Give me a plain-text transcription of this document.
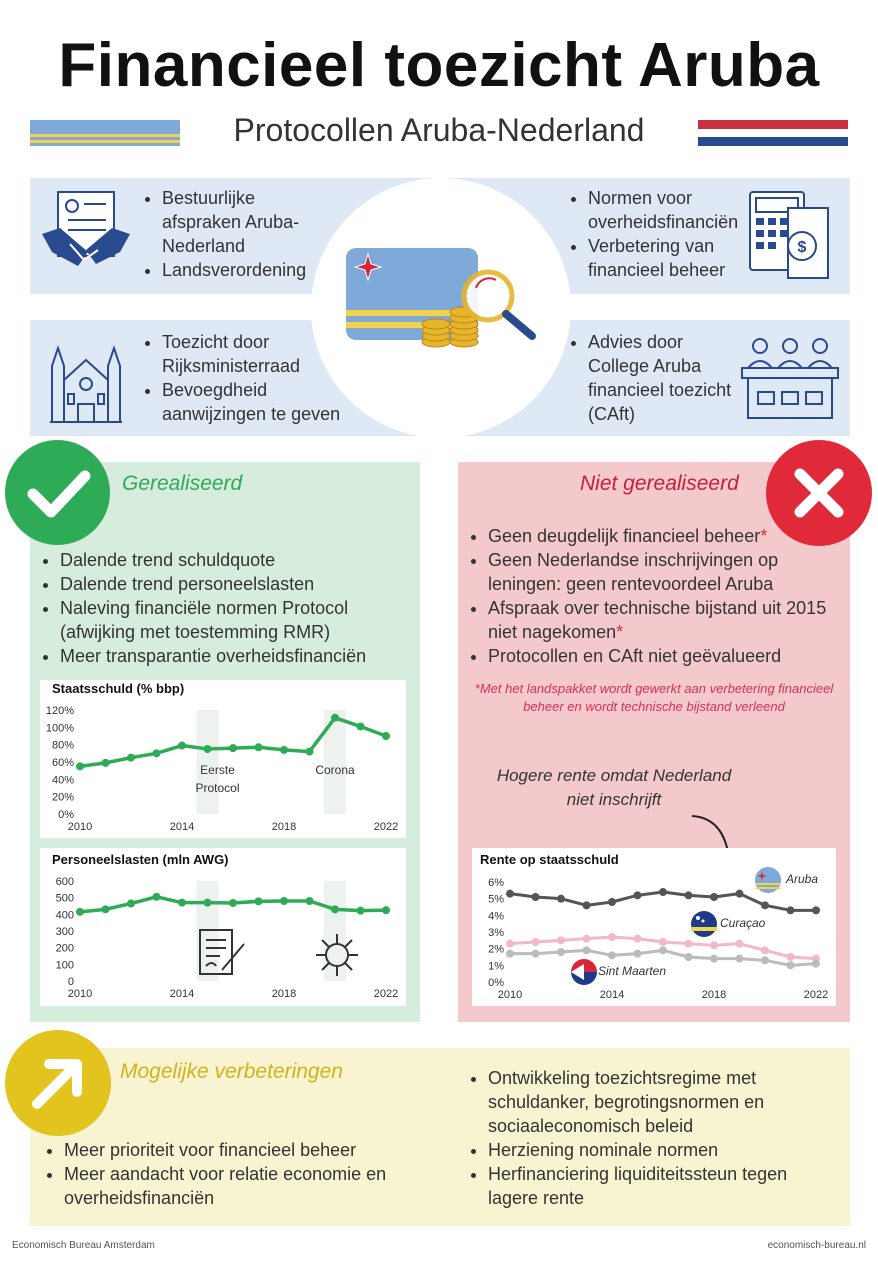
Financieel toezicht Aruba
Protocollen Aruba-Nederland
• Bestuurlijke afspraken Aruba-Nederland
• Landsverordening
$
• Normen voor overheidsfinanciën
• Verbetering van financieel beheer
• Toezicht door Rijksministerraad
• Bevoegdheid aanwijzingen te geven
• Advies door College Aruba financieel toezicht (CAft)
Gerealiseerd
• Dalende trend schuldquote
• Dalende trend personeelslasten
• Naleving financiële normen Protocol (afwijking met toestemming RMR)
• Meer transparantie overheidsfinanciën
Staatsschuld (% bbp)
0%
20%
40%
60%
80%
100%
120%
2010	2014	2018	2022
Eerste
Protocol
Corona
Personeelslasten (mln AWG)
0
100
200
300
400
500
600
2010	2014	2018	2022
Niet gerealiseerd
• Geen deugdelijk financieel beheer*
• Geen Nederlandse inschrijvingen op leningen: geen rentevoordeel Aruba
• Afspraak over technische bijstand uit 2015 niet nagekomen*
• Protocollen en CAft niet geëvalueerd
*Met het landspakket wordt gewerkt aan verbetering financieel beheer en wordt technische bijstand verleend
Hogere rente omdat Nederland niet inschrijft
Rente op staatsschuld
0%
1%
2%
3%
4%
5%
6%
2010	2014	2018	2022
Aruba
Curaçao
Sint Maarten
Mogelijke verbeteringen
• Meer prioriteit voor financieel beheer
• Meer aandacht voor relatie economie en overheidsfinanciën
• Ontwikkeling toezichtsregime met schuldanker, begrotingsnormen en sociaaleconomisch beleid
• Herziening nominale normen
• Herfinanciering liquiditeitssteun tegen lagere rente
Economisch Bureau Amsterdam	economisch-bureau.nl
